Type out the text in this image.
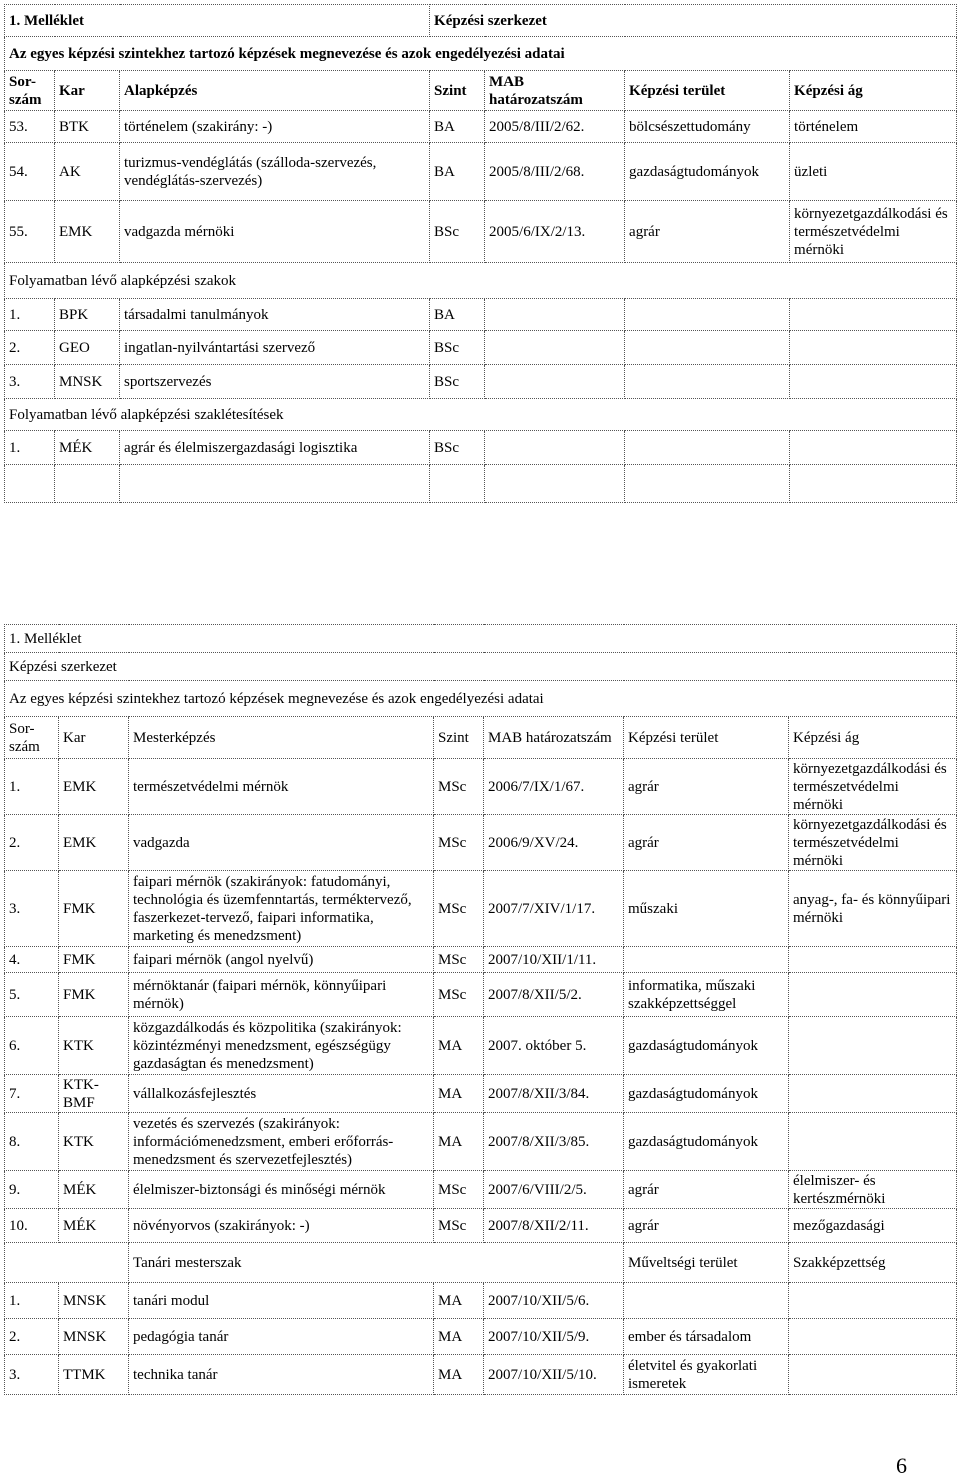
1. Melléklet			Képzési szerkezet			
Az egyes képzési szintekhez tartozó képzések megnevezése és azok engedélyezési adatai						
Sor-szám	Kar	Alapképzés	Szint	MAB határozatszám	Képzési terület	Képzési ág
53.	BTK	történelem (szakirány: -)	BA	2005/8/III/2/62.	bölcsészettudomány	történelem
54.	AK	turizmus-vendéglátás (szálloda-szervezés, vendéglátás-szervezés)	BA	2005/8/III/2/68.	gazdaságtudományok	üzleti
55.	EMK	vadgazda mérnöki	BSc	2005/6/IX/2/13.	agrár	környezetgazdálkodási és természetvédelmi mérnöki
Folyamatban lévő alapképzési szakok						
1.	BPK	társadalmi tanulmányok	BA			
2.	GEO	ingatlan-nyilvántartási szervező	BSc			
3.	MNSK	sportszervezés	BSc			
Folyamatban lévő alapképzési szaklétesítések						
1.	MÉK	agrár és élelmiszergazdasági logisztika	BSc			

1. Melléklet						
Képzési szerkezet						
Az egyes képzési szintekhez tartozó képzések megnevezése és azok engedélyezési adatai						
Sor-szám	Kar	Mesterképzés	Szint	MAB határozatszám	Képzési terület	Képzési ág
1.	EMK	természetvédelmi mérnök	MSc	2006/7/IX/1/67.	agrár	környezetgazdálkodási és természetvédelmi mérnöki
2.	EMK	vadgazda	MSc	2006/9/XV/24.	agrár	környezetgazdálkodási és természetvédelmi mérnöki
3.	FMK	faipari mérnök (szakirányok: fatudományi, technológia és üzemfenntartás, terméktervező, faszerkezet-tervező, faipari informatika, marketing és menedzsment)	MSc	2007/7/XIV/1/17.	műszaki	anyag-, fa- és könnyűipari mérnöki
4.	FMK	faipari mérnök (angol nyelvű)	MSc	2007/10/XII/1/11.		
5.	FMK	mérnöktanár (faipari mérnök, könnyűipari mérnök)	MSc	2007/8/XII/5/2.	informatika, műszaki szakképzettséggel	
6.	KTK	közgazdálkodás és közpolitika (szakirányok: közintézményi menedzsment, egészségügy gazdaságtan és menedzsment)	MA	2007. október 5.	gazdaságtudományok	
7.	KTK-BMF	vállalkozásfejlesztés	MA	2007/8/XII/3/84.	gazdaságtudományok	
8.	KTK	vezetés és szervezés (szakirányok: információmenedzsment, emberi erőforrás-menedzsment és szervezetfejlesztés)	MA	2007/8/XII/3/85.	gazdaságtudományok	
9.	MÉK	élelmiszer-biztonsági és minőségi mérnök	MSc	2007/6/VIII/2/5.	agrár	élelmiszer- és kertészmérnöki
10.	MÉK	növényorvos (szakirányok: -)	MSc	2007/8/XII/2/11.	agrár	mezőgazdasági
		Tanári mesterszak			Műveltségi terület	Szakképzettség
1.	MNSK	tanári modul	MA	2007/10/XII/5/6.		
2.	MNSK	pedagógia tanár	MA	2007/10/XII/5/9.	ember és társadalom	
3.	TTMK	technika tanár	MA	2007/10/XII/5/10.	életvitel és gyakorlati ismeretek	
6
